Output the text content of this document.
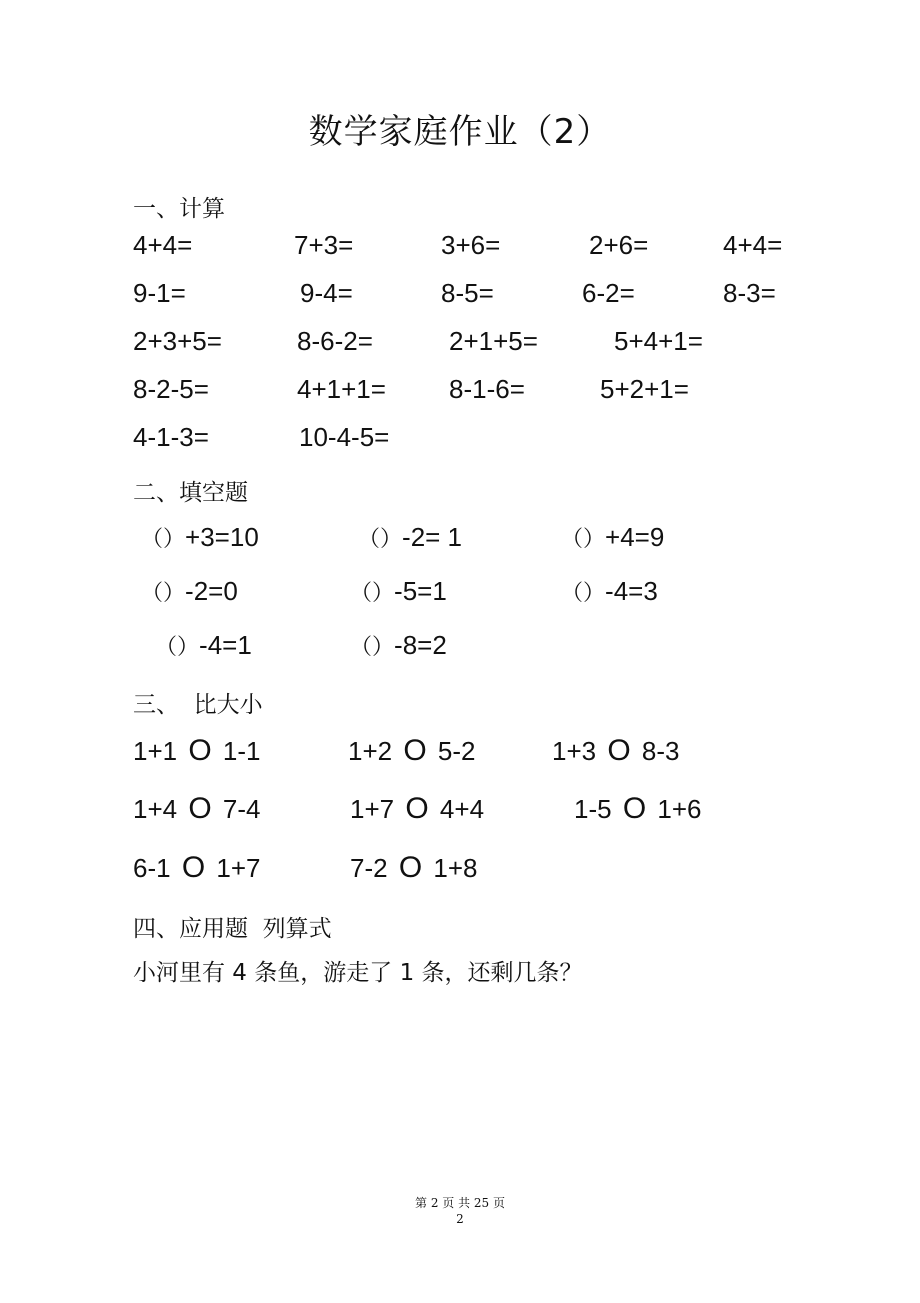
数学家庭作业（2）
一、计算
4+4=	7+3=	3+6=	2+6=	4+4=
9-1=	9-4=	8-5=	6-2=	8-3=
2+3+5=	8-6-2=	2+1+5=	5+4+1=
8-2-5=	4+1+1= 8-1-6=	5+2+1=
4-1-3=	10-4-5=
二、填空题
（）+3=10	（）-2= 1	（）+4=9
（）-2=0	（）-5=1	（）-4=3
（）-4=1	（）-8=2
三、  比大小
1+1 O 1-1	1+2 O 5-2	1+3 O 8-3
1+4 O 7-4	1+7 O 4+4	1-5 O 1+6
6-1 O 1+7	7-2 O 1+8
四、应用题  列算式
小河里有 4 条鱼，游走了 1 条，还剩几条？
第 2 页 共 25 页
2
